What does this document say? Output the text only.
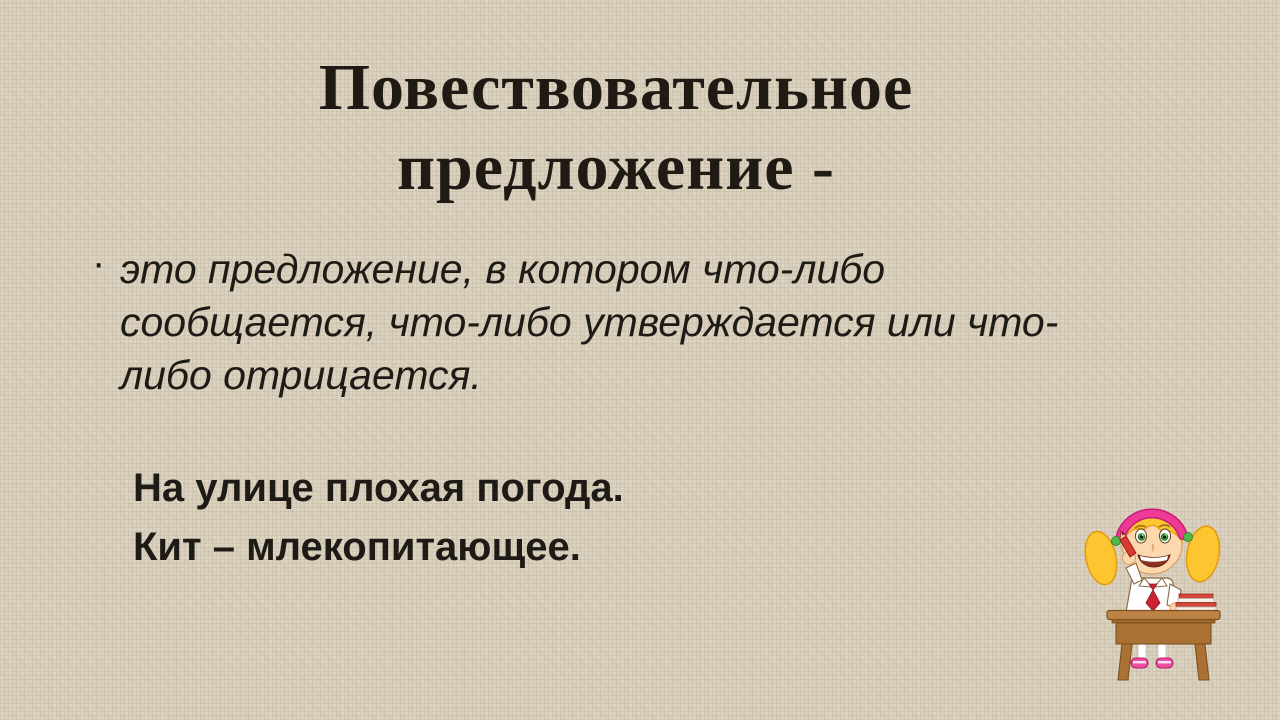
Повествовательное
предложение -
· это предложение, в котором что-либо
сообщается, что-либо утверждается или что-
либо отрицается.
На улице плохая погода.
Кит – млекопитающее.
